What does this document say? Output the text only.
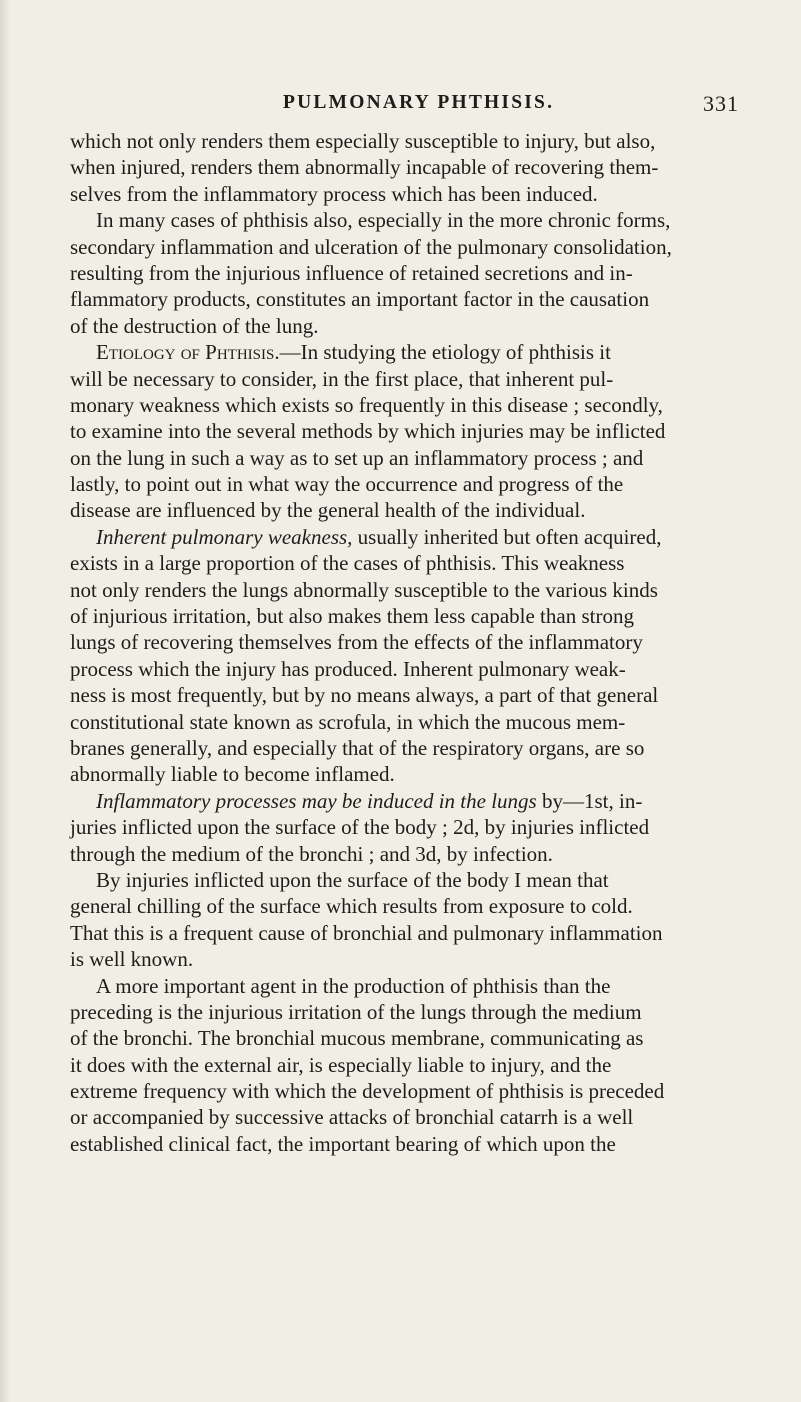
PULMONARY PHTHISIS.	331
which not only renders them especially susceptible to injury, but also,
when injured, renders them abnormally incapable of recovering them-
selves from the inflammatory process which has been induced.
In many cases of phthisis also, especially in the more chronic forms,
secondary inflammation and ulceration of the pulmonary consolidation,
resulting from the injurious influence of retained secretions and in-
flammatory products, constitutes an important factor in the causation
of the destruction of the lung.
Etiology of Phthisis.—In studying the etiology of phthisis it
will be necessary to consider, in the first place, that inherent pul-
monary weakness which exists so frequently in this disease ; secondly,
to examine into the several methods by which injuries may be inflicted
on the lung in such a way as to set up an inflammatory process ; and
lastly, to point out in what way the occurrence and progress of the
disease are influenced by the general health of the individual.
Inherent pulmonary weakness, usually inherited but often acquired,
exists in a large proportion of the cases of phthisis. This weakness
not only renders the lungs abnormally susceptible to the various kinds
of injurious irritation, but also makes them less capable than strong
lungs of recovering themselves from the effects of the inflammatory
process which the injury has produced. Inherent pulmonary weak-
ness is most frequently, but by no means always, a part of that general
constitutional state known as scrofula, in which the mucous mem-
branes generally, and especially that of the respiratory organs, are so
abnormally liable to become inflamed.
Inflammatory processes may be induced in the lungs by—1st, in-
juries inflicted upon the surface of the body ; 2d, by injuries inflicted
through the medium of the bronchi ; and 3d, by infection.
By injuries inflicted upon the surface of the body I mean that
general chilling of the surface which results from exposure to cold.
That this is a frequent cause of bronchial and pulmonary inflammation
is well known.
A more important agent in the production of phthisis than the
preceding is the injurious irritation of the lungs through the medium
of the bronchi. The bronchial mucous membrane, communicating as
it does with the external air, is especially liable to injury, and the
extreme frequency with which the development of phthisis is preceded
or accompanied by successive attacks of bronchial catarrh is a well
established clinical fact, the important bearing of which upon the
